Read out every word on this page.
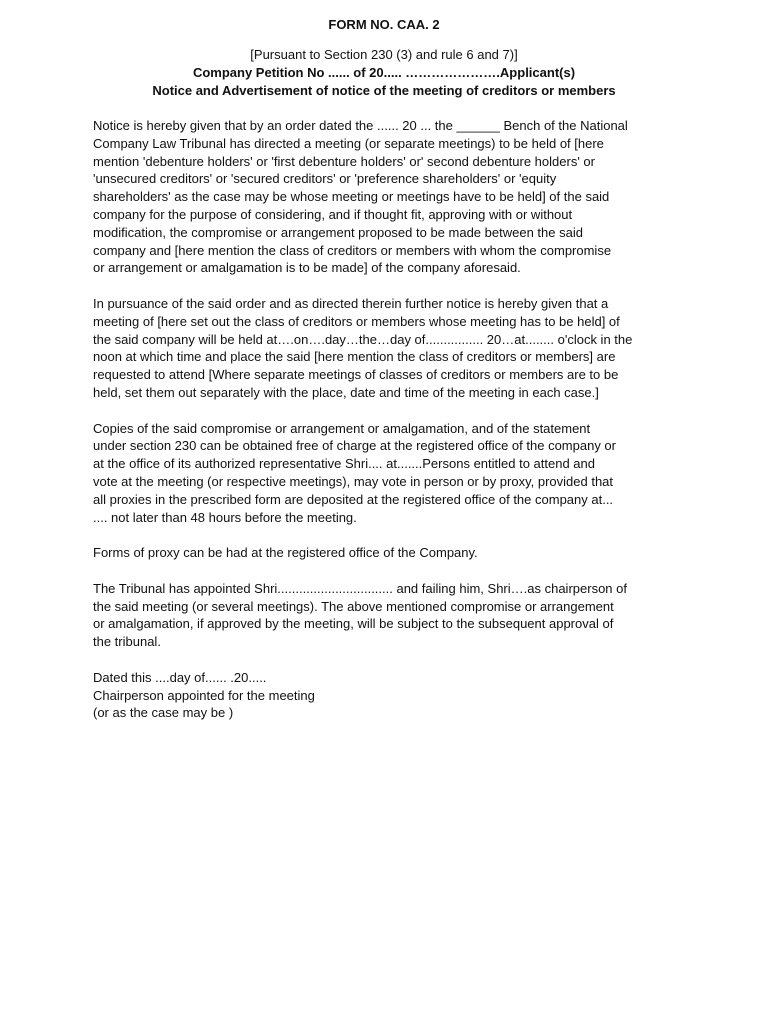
FORM NO. CAA. 2
[Pursuant to Section 230 (3) and rule 6 and 7)]
Company Petition No ...... of 20..... ………………….Applicant(s)
Notice and Advertisement of notice of the meeting of creditors or members

Notice is hereby given that by an order dated the ...... 20 ... the ______ Bench of the National
Company Law Tribunal has directed a meeting (or separate meetings) to be held of [here
mention 'debenture holders' or 'first debenture holders' or' second debenture holders' or
'unsecured creditors' or 'secured creditors' or 'preference shareholders' or 'equity
shareholders' as the case may be whose meeting or meetings have to be held] of the said
company for the purpose of considering, and if thought fit, approving with or without
modification, the compromise or arrangement proposed to be made between the said
company and [here mention the class of creditors or members with whom the compromise
or arrangement or amalgamation is to be made] of the company aforesaid.

In pursuance of the said order and as directed therein further notice is hereby given that a
meeting of [here set out the class of creditors or members whose meeting has to be held] of
the said company will be held at….on….day…the…day of................ 20…at........ o'clock in the
noon at which time and place the said [here mention the class of creditors or members] are
requested to attend [Where separate meetings of classes of creditors or members are to be
held, set them out separately with the place, date and time of the meeting in each case.]

Copies of the said compromise or arrangement or amalgamation, and of the statement
under section 230 can be obtained free of charge at the registered office of the company or
at the office of its authorized representative Shri.... at.......Persons entitled to attend and
vote at the meeting (or respective meetings), may vote in person or by proxy, provided that
all proxies in the prescribed form are deposited at the registered office of the company at...
.... not later than 48 hours before the meeting.

Forms of proxy can be had at the registered office of the Company.

The Tribunal has appointed Shri................................ and failing him, Shri….as chairperson of
the said meeting (or several meetings). The above mentioned compromise or arrangement
or amalgamation, if approved by the meeting, will be subject to the subsequent approval of
the tribunal.

Dated this ....day of...... .20.....
Chairperson appointed for the meeting
(or as the case may be )
